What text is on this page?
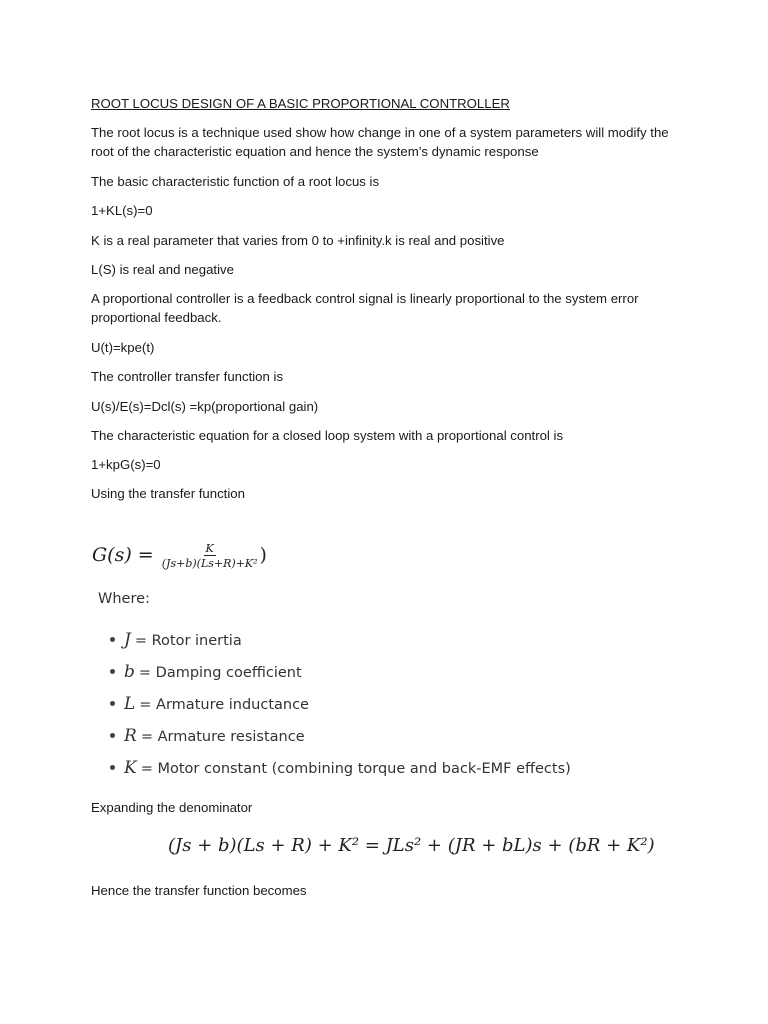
ROOT LOCUS DESIGN OF A BASIC PROPORTIONAL CONTROLLER

The root locus is a technique used show how change in one of a system parameters will modify the root of the characteristic equation and hence the system’s dynamic response

The basic characteristic function of a root locus is

1+KL(s)=0

K is a real parameter that varies from 0 to +infinity.k is real and positive

L(S) is real and negative

A proportional controller is a feedback control signal is linearly proportional to the system error proportional feedback.

U(t)=kpe(t)

The controller transfer function is

U(s)/E(s)=Dcl(s) =kp(proportional gain)

The characteristic equation for a closed loop system with a proportional control is

1+kpG(s)=0

Using the transfer function

$G(s) = \frac{K}{\text{(Js+b)(Ls+R)+K²}}$ )
Where:
J = Rotor inertia
b = Damping coefficient
L = Armature inductance
R = Armature resistance
K = Motor constant (combining torque and back-EMF effects)

Expanding the denominator

(Js + b)(Ls + R) + K² = JLs² + (JR + bL)s + (bR + K²)

Hence the transfer function becomes
